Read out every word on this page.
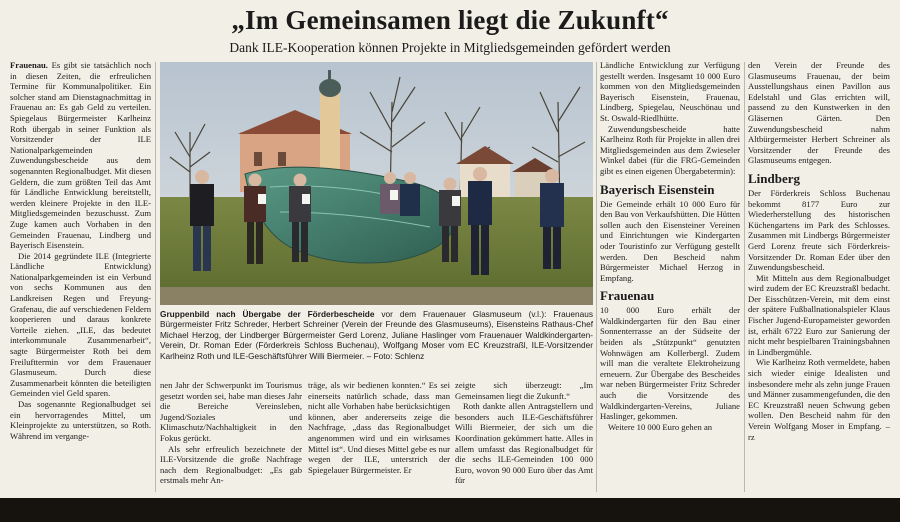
„Im Gemeinsamen liegt die Zukunft“
Dank ILE-Kooperation können Projekte in Mitgliedsgemeinden gefördert werden

Frauenau. Es gibt sie tatsächlich noch in diesen Zeiten, die erfreulichen Termine für Kommunalpolitiker. Ein solcher stand am Dienstagnachmittag in Frauenau an: Es gab Geld zu verteilen. Spiegelaus Bürgermeister Karlheinz Roth übergab in seiner Funktion als Vorsitzender der ILE Nationalparkgemeinden Zuwendungsbescheide aus dem sogenannten Regionalbudget. Mit diesen Geldern, die zum größten Teil das Amt für Ländliche Entwicklung bereitstellt, werden kleinere Projekte in den ILE-Mitgliedsgemeinden bezuschusst. Zum Zuge kamen auch Vorhaben in den Gemeinden Frauenau, Lindberg und Bayerisch Eisenstein.

Die 2014 gegründete ILE (Integrierte Ländliche Entwicklung) Nationalparkgemeinden ist ein Verbund von sechs Kommunen aus den Landkreisen Regen und Freyung-Grafenau, die auf verschiedenen Feldern kooperieren und daraus konkrete Vorteile ziehen. „ILE, das bedeutet interkommunale Zusammenarbeit“, sagte Bürgermeister Roth bei dem Freilufttermin vor dem Frauenauer Glasmuseum. Durch diese Zusammenarbeit könnten die beteiligten Gemeinden viel Geld sparen.

Das sogenannte Regionalbudget sei ein hervorragendes Mittel, um Kleinprojekte zu unterstützen, so Roth. Während im vergange-

Gruppenbild nach Übergabe der Förderbescheide vor dem Frauenauer Glasmuseum (v.l.): Frauenaus Bürgermeister Fritz Schreder, Herbert Schreiner (Verein der Freunde des Glasmuseums), Eisensteins Rathaus-Chef Michael Herzog, der Lindberger Bürgermeister Gerd Lorenz, Juliane Haslinger vom Frauenauer Waldkindergarten-Verein, Dr. Roman Eder (Förderkreis Schloss Buchenau), Wolfgang Moser vom EC Kreuzstraßl, ILE-Vorsitzender Karlheinz Roth und ILE-Geschäftsführer Willi Biermeier. – Foto: Schlenz

nen Jahr der Schwerpunkt im Tourismus gesetzt worden sei, habe man dieses Jahr die Bereiche Vereinsleben, Jugend/Soziales und Klimaschutz/Nachhaltigkeit in den Fokus gerückt.

Als sehr erfreulich bezeichnete der ILE-Vorsitzende die große Nachfrage nach dem Regionalbudget: „Es gab erstmals mehr An-

träge, als wir bedienen konnten.“ Es sei einerseits natürlich schade, dass man nicht alle Vorhaben habe berücksichtigen können, aber andererseits zeige die Nachfrage, „dass das Regionalbudget angenommen wird und ein wirksames Mittel ist“. Und dieses Mittel gebe es nur wegen der ILE, unterstrich der Spiegelauer Bürgermeister. Er

zeigte sich überzeugt: „Im Gemeinsamen liegt die Zukunft.“

Roth dankte allen Antragstellern und besonders auch ILE-Geschäftsführer Willi Biermeier, der sich um die Koordination gekümmert hatte. Alles in allem umfasst das Regionalbudget für die sechs ILE-Gemeinden 100 000 Euro, wovon 90 000 Euro über das Amt für

Ländliche Entwicklung zur Verfügung gestellt werden. Insgesamt 10 000 Euro kommen von den Mitgliedsgemeinden Bayerisch Eisenstein, Frauenau, Lindberg, Spiegelau, Neuschönau und St. Oswald-Riedlhütte.

Zuwendungsbescheide hatte Karlheinz Roth für Projekte in allen drei Mitgliedsgemeinden aus dem Zwieseler Winkel dabei (für die FRG-Gemeinden gibt es einen eigenen Übergabetermin):

Bayerisch Eisenstein

Die Gemeinde erhält 10 000 Euro für den Bau von Verkaufshütten. Die Hütten sollen auch den Eisensteiner Vereinen und Einrichtungen wie Kindergarten oder Touristinfo zur Verfügung gestellt werden. Den Bescheid nahm Bürgermeister Michael Herzog in Empfang.

Frauenau

10 000 Euro erhält der Waldkindergarten für den Bau einer Sonnenterrasse an der Südseite der beiden als „Stützpunkt“ genutzten Wohnwägen am Kollerbergl. Zudem will man die veraltete Elektroheizung erneuern. Zur Übergabe des Bescheides war neben Bürgermeister Fritz Schreder auch die Vorsitzende des Waldkindergarten-Vereins, Juliane Haslinger, gekommen.

Weitere 10 000 Euro gehen an

den Verein der Freunde des Glasmuseums Frauenau, der beim Ausstellungshaus einen Pavillon aus Edelstahl und Glas errichten will, passend zu den Kunstwerken in den Gläsernen Gärten. Den Zuwendungsbescheid nahm Altbürgermeister Herbert Schreiner als Vorsitzender der Freunde des Glasmuseums entgegen.

Lindberg

Der Förderkreis Schloss Buchenau bekommt 8177 Euro zur Wiederherstellung des historischen Küchengartens im Park des Schlosses. Zusammen mit Lindbergs Bürgermeister Gerd Lorenz freute sich Förderkreis-Vorsitzender Dr. Roman Eder über den Zuwendungsbescheid.

Mit Mitteln aus dem Regionalbudget wird zudem der EC Kreuzstraßl bedacht. Der Eisschützen-Verein, mit dem einst der spätere Fußballnationalspieler Klaus Fischer Jugend-Europameister geworden ist, erhält 6722 Euro zur Sanierung der nicht mehr bespielbaren Trainingsbahnen in Lindbergmühle.

Wie Karlheinz Roth vermeldete, haben sich wieder einige Idealisten und insbesondere mehr als zehn junge Frauen und Männer zusammengefunden, die den EC Kreuzstraßl neuen Schwung geben wollen. Den Bescheid nahm für den Verein Wolfgang Moser in Empfang. – rz
